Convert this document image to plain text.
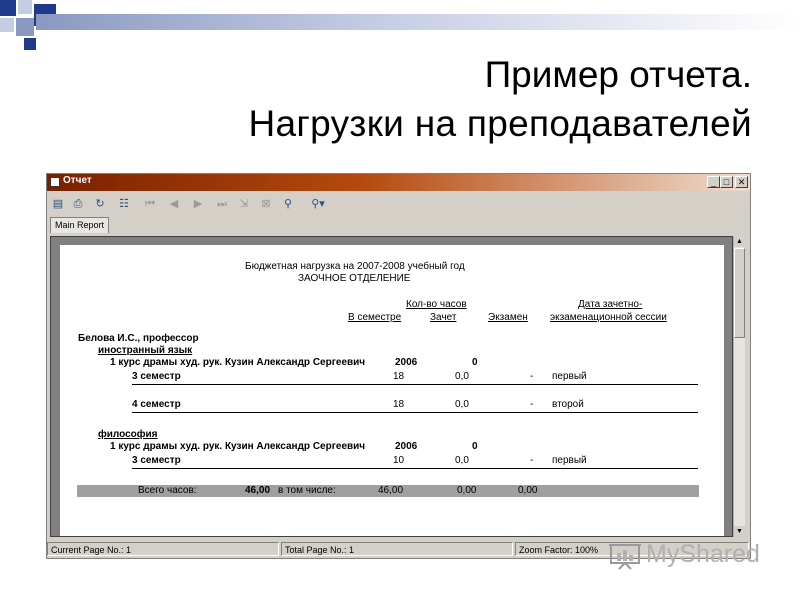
Пример отчета.
Нагрузки на преподавателей
Отчет	_ □ ✕
▤ ⎙ ↻ ☷ ⏮ ◀ ▶ ⏭ ⇲ ⊠ ⚲	⚲▾
Main Report
Бюджетная нагрузка на 2007-2008 учебный год
ЗАОЧНОЕ ОТДЕЛЕНИЕ
Кол-во часов	Дата зачетно-
В семестре	Зачет	Экзамен экзаменационной сессии
Белова И.С., профессор
иностранный язык
1 курс драмы худ. рук. Кузин Александр Сергеевич	2006	0
3 семестр	18	0,0	- первый
4 семестр	18	0,0	- второй
философия
1 курс драмы худ. рук. Кузин Александр Сергеевич	2006	0
3 семестр	10	0,0	- первый
Всего часов:	46,00 в том числе:	46,00	0,00	0,00
▲
▼
Current Page No.: 1	Total Page No.: 1	Zoom Factor: 100%	MyShared
